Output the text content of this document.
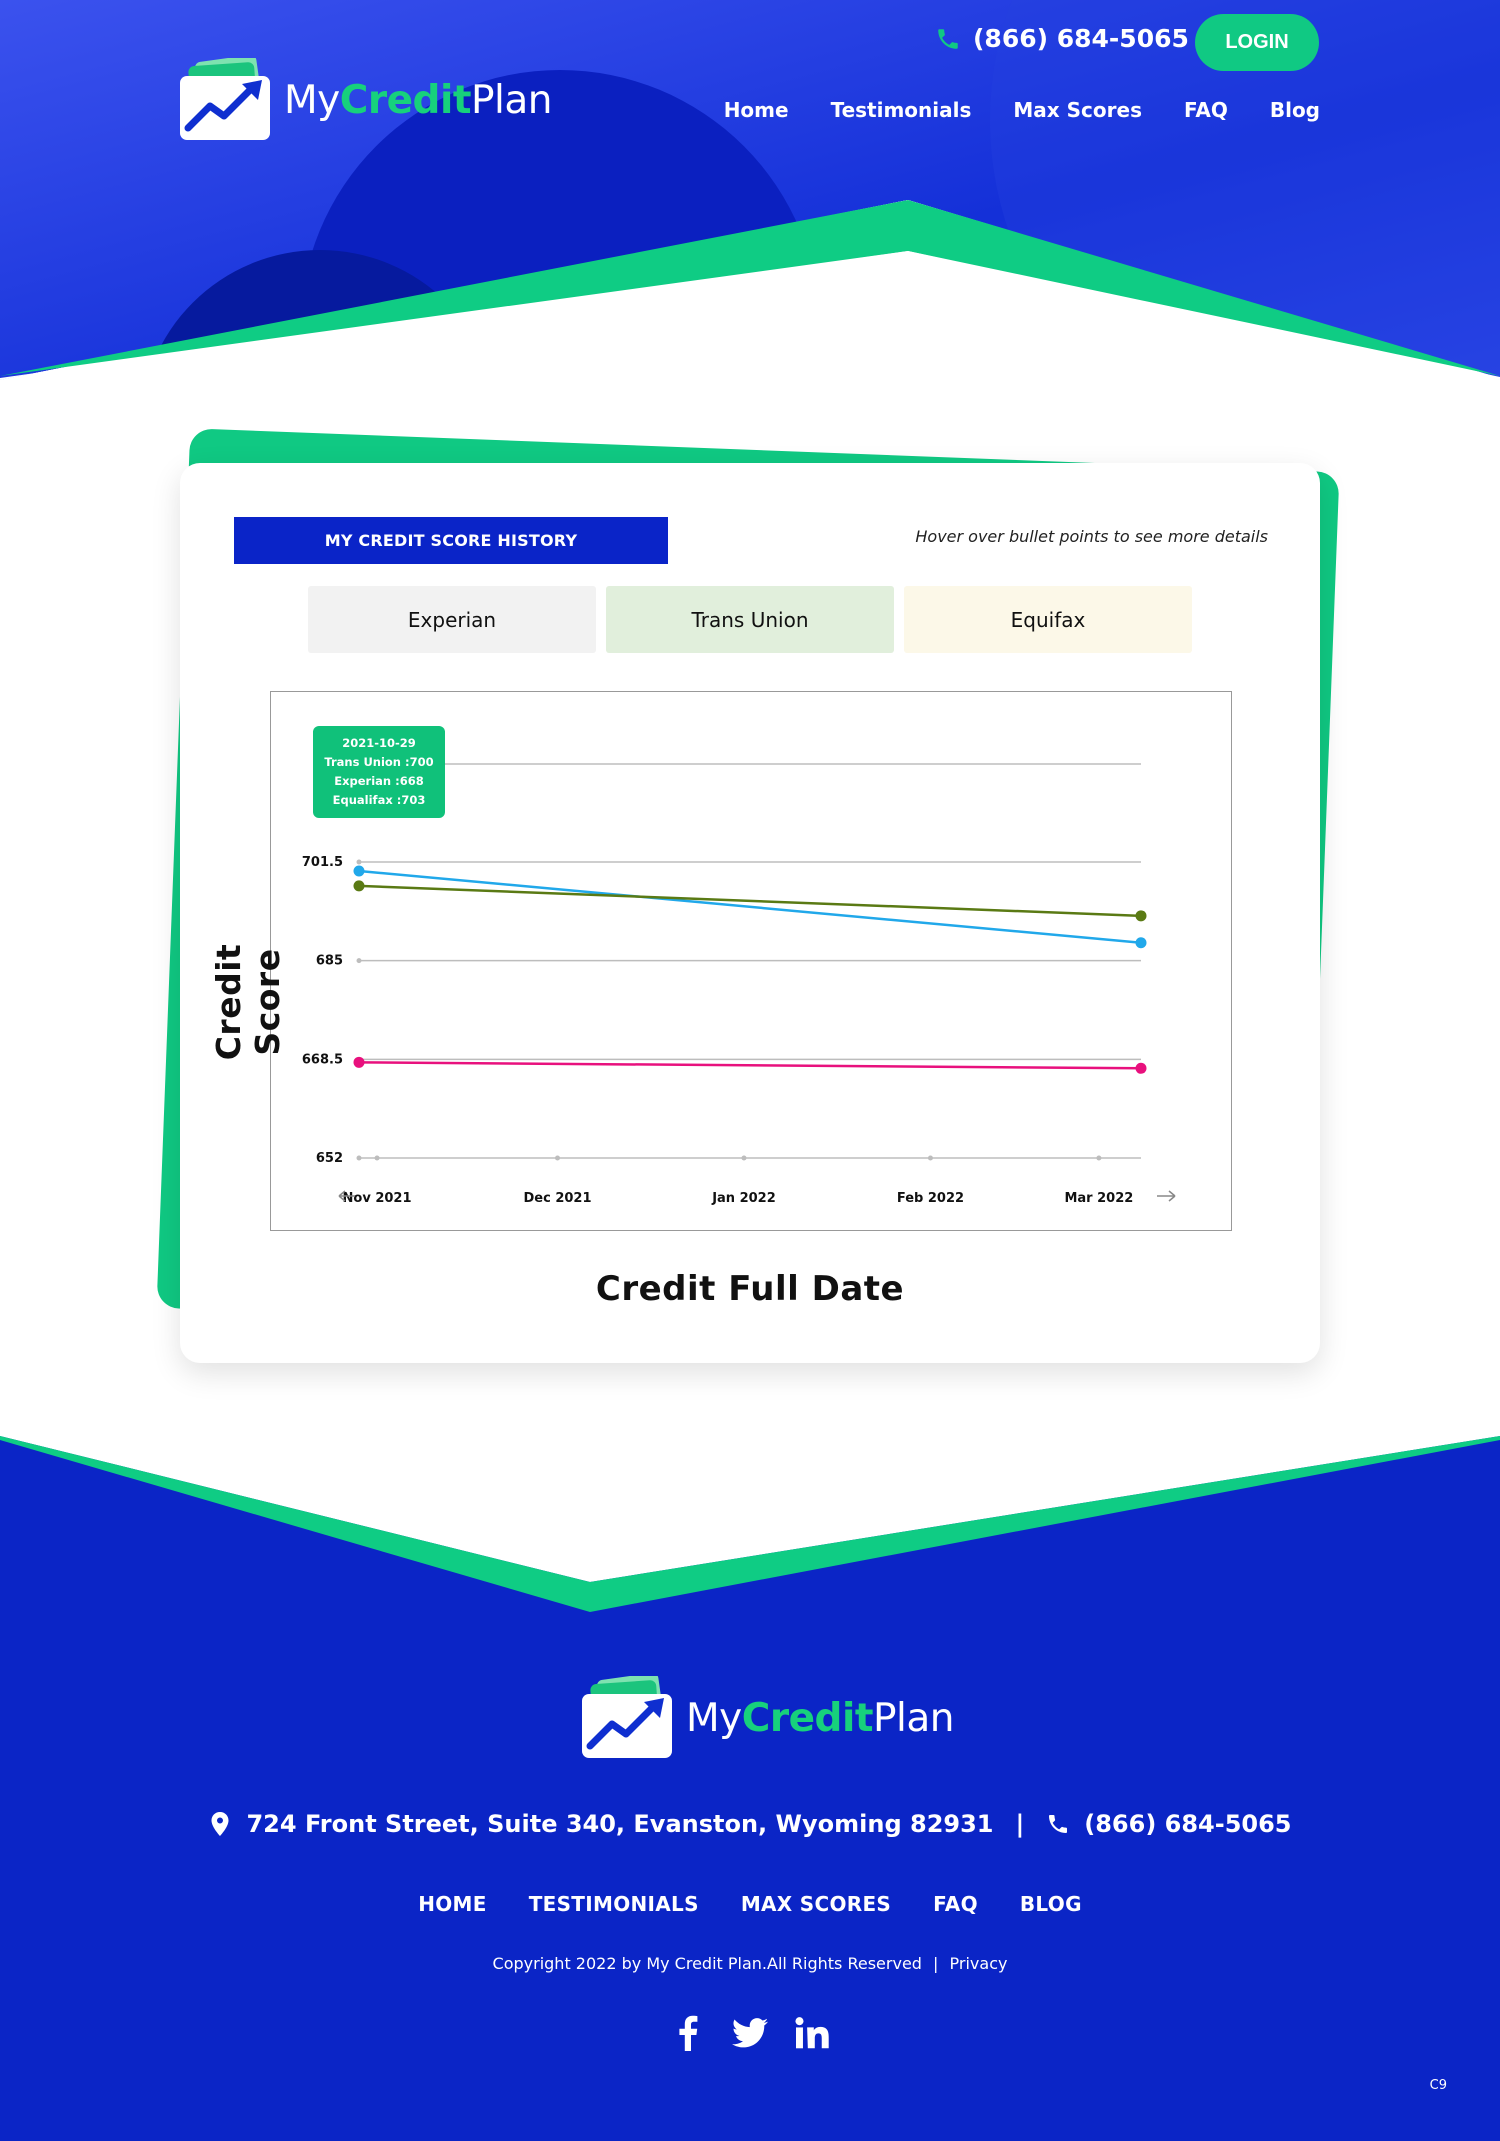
MyCreditPlan
(866) 684-5065	LOGIN
Home Testimonials Max Scores FAQ Blog
MY CREDIT SCORE HISTORY	Hover over bullet points to see more details
Experian	Trans Union	Equifax
701.5
685
668.5
652
Nov 2021	Dec 2021	Jan 2022	Feb 2022	Mar 2022
2021-10-29
Trans Union :700
Experian :668
Equalifax :703
Credit Score
Credit Full Date
MyCreditPlan
724 Front Street, Suite 340, Evanston, Wyoming 82931 |	(866) 684-5065
HOME TESTIMONIALS MAX SCORES FAQ BLOG
Copyright 2022 by My Credit Plan.All Rights Reserved | Privacy
C9
